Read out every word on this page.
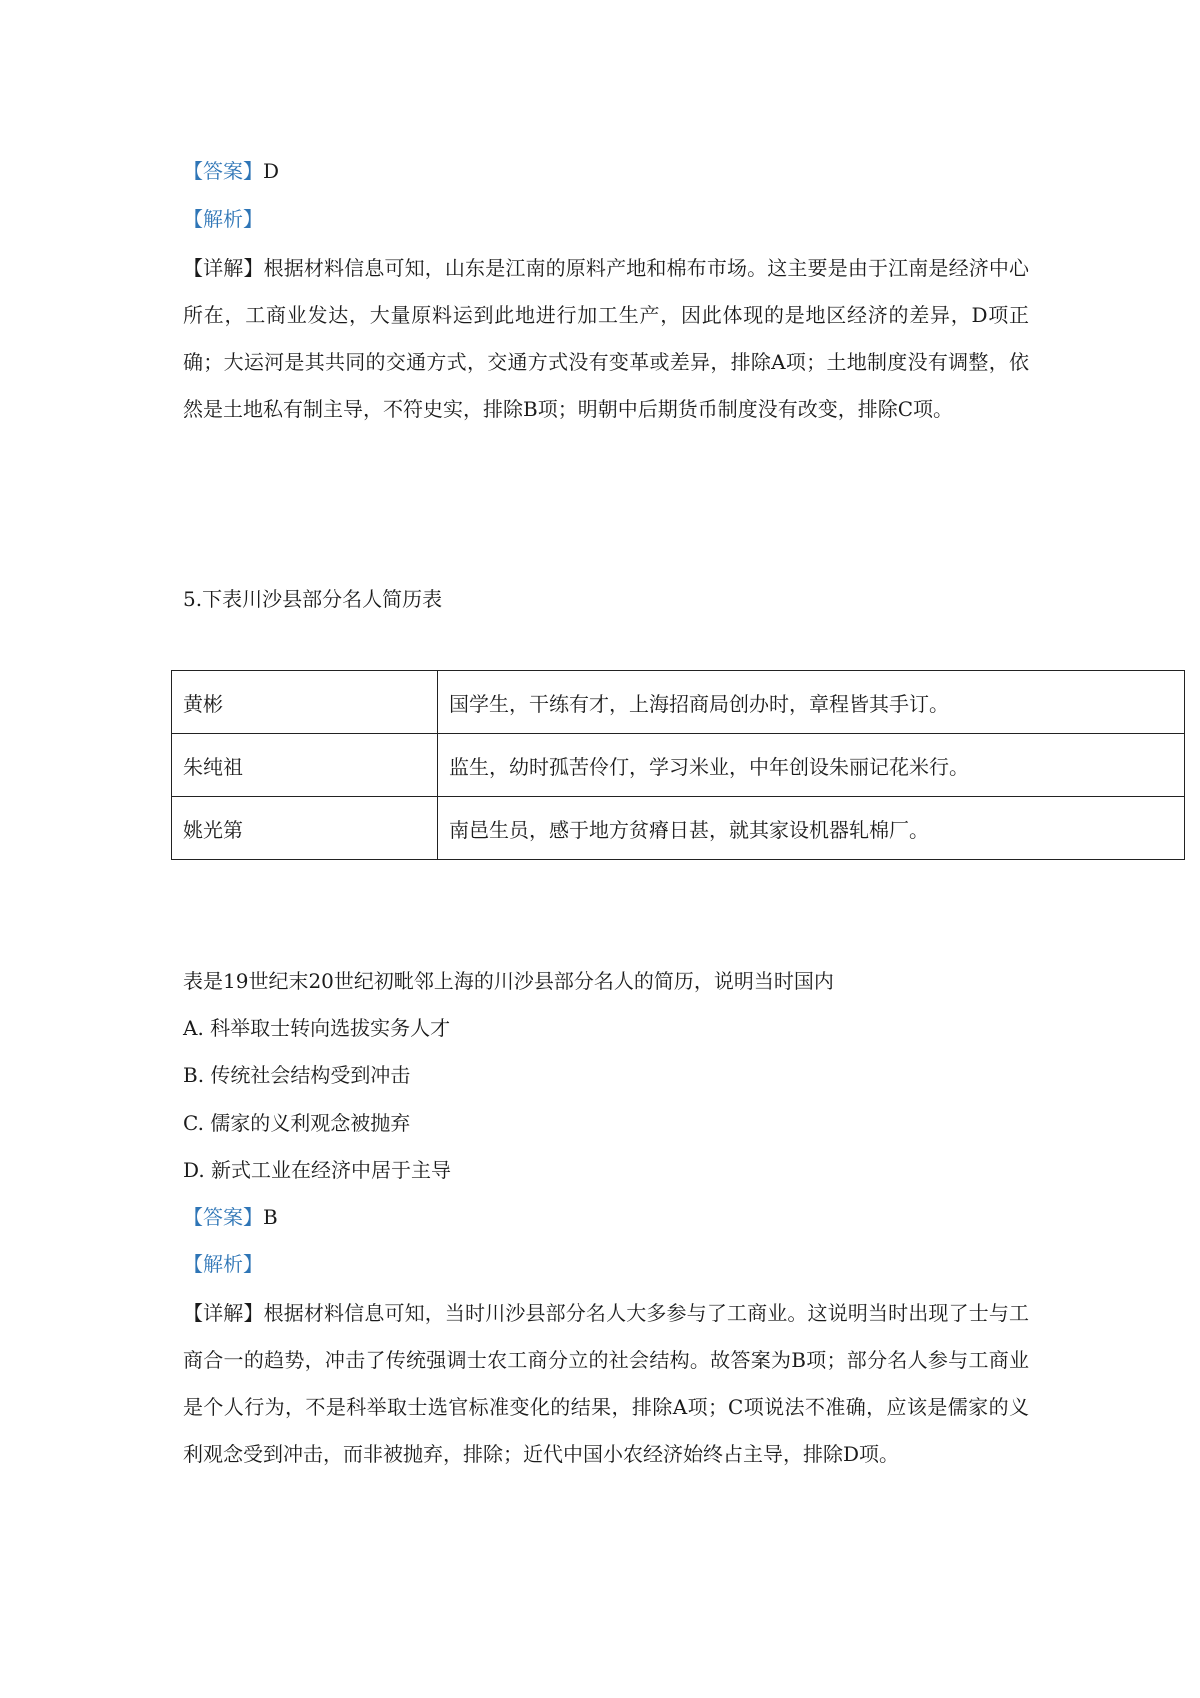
【答案】D
【解析】
【详解】根据材料信息可知，山东是江南的原料产地和棉布市场。这主要是由于江南是经济中心所在，工商业发达，大量原料运到此地进行加工生产，因此体现的是地区经济的差异，D项正确；大运河是其共同的交通方式，交通方式没有变革或差异，排除A项；土地制度没有调整，依然是土地私有制主导，不符史实，排除B项；明朝中后期货币制度没有改变，排除C项。
5.下表川沙县部分名人简历表
黄彬	国学生，干练有才，上海招商局创办时，章程皆其手订。
朱纯祖	监生，幼时孤苦伶仃，学习米业，中年创设朱丽记花米行。
姚光第	南邑生员，感于地方贫瘠日甚，就其家设机器轧棉厂。
表是19世纪末20世纪初毗邻上海的川沙县部分名人的简历，说明当时国内
A. 科举取士转向选拔实务人才
B. 传统社会结构受到冲击
C. 儒家的义利观念被抛弃
D. 新式工业在经济中居于主导
【答案】B
【解析】
【详解】根据材料信息可知，当时川沙县部分名人大多参与了工商业。这说明当时出现了士与工商合一的趋势，冲击了传统强调士农工商分立的社会结构。故答案为B项；部分名人参与工商业是个人行为，不是科举取士选官标准变化的结果，排除A项；C项说法不准确，应该是儒家的义利观念受到冲击，而非被抛弃，排除；近代中国小农经济始终占主导，排除D项。
